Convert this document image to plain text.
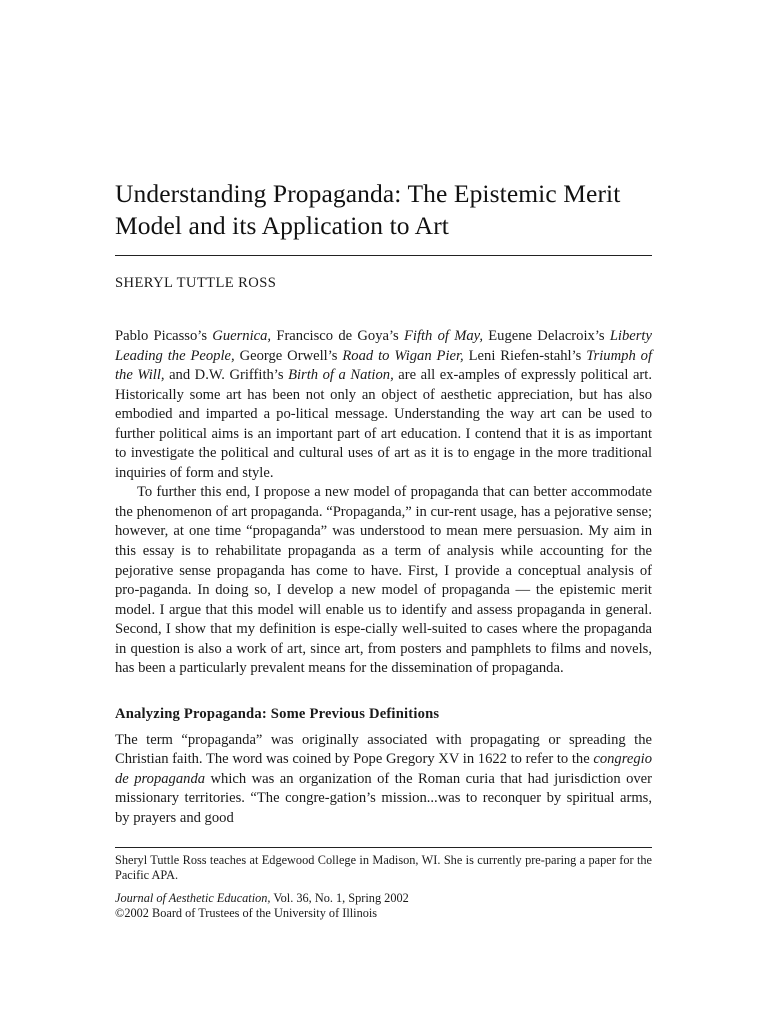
Understanding Propaganda: The Epistemic Merit Model and its Application to Art

SHERYL TUTTLE ROSS

Pablo Picasso’s Guernica, Francisco de Goya’s Fifth of May, Eugene Delacroix’s Liberty Leading the People, George Orwell’s Road to Wigan Pier, Leni Riefen-stahl’s Triumph of the Will, and D.W. Griffith’s Birth of a Nation, are all ex-amples of expressly political art. Historically some art has been not only an object of aesthetic appreciation, but has also embodied and imparted a po-litical message. Understanding the way art can be used to further political aims is an important part of art education. I contend that it is as important to investigate the political and cultural uses of art as it is to engage in the more traditional inquiries of form and style.

To further this end, I propose a new model of propaganda that can better accommodate the phenomenon of art propaganda. “Propaganda,” in cur-rent usage, has a pejorative sense; however, at one time “propaganda” was understood to mean mere persuasion. My aim in this essay is to rehabilitate propaganda as a term of analysis while accounting for the pejorative sense propaganda has come to have. First, I provide a conceptual analysis of pro-paganda. In doing so, I develop a new model of propaganda — the epistemic merit model. I argue that this model will enable us to identify and assess propaganda in general. Second, I show that my definition is espe-cially well-suited to cases where the propaganda in question is also a work of art, since art, from posters and pamphlets to films and novels, has been a particularly prevalent means for the dissemination of propaganda.

Analyzing Propaganda: Some Previous Definitions

The term “propaganda” was originally associated with propagating or spreading the Christian faith. The word was coined by Pope Gregory XV in 1622 to refer to the congregio de propaganda which was an organization of the Roman curia that had jurisdiction over missionary territories. “The congre-gation’s mission...was to reconquer by spiritual arms, by prayers and good

Sheryl Tuttle Ross teaches at Edgewood College in Madison, WI. She is currently pre-paring a paper for the Pacific APA.

Journal of Aesthetic Education, Vol. 36, No. 1, Spring 2002

©2002 Board of Trustees of the University of Illinois
